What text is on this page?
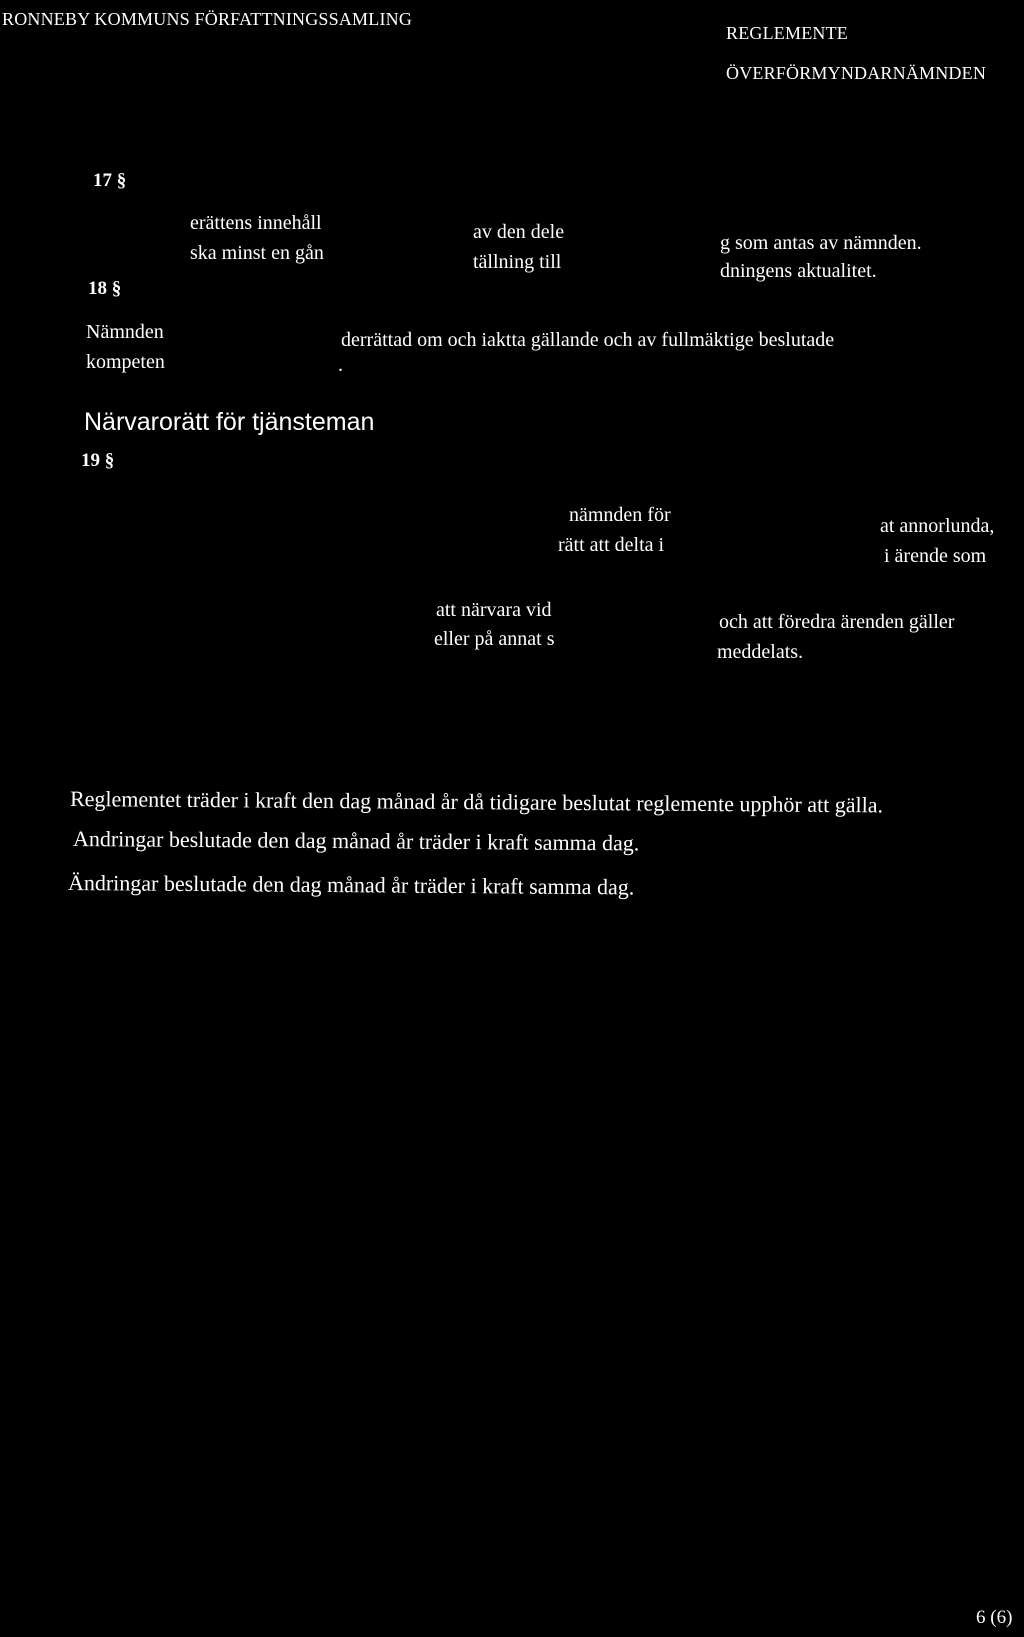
RONNEBY KOMMUNS FÖRFATTNINGSSAMLING
REGLEMENTE
ÖVERFÖRMYNDARNÄMNDEN
17 §
erättens innehåll
ska minst en gån
av den dele
tällning till
g som antas av nämnden.
dningens aktualitet.
18 §
Nämnden
kompeten
derrättad om och iaktta gällande och av fullmäktige beslutade
.
Närvarorätt för tjänsteman
19 §
nämnden för
rätt att delta i
at annorlunda,
i ärende som
att närvara vid
eller på annat s
och att föredra ärenden gäller
meddelats.
Reglementet träder i kraft den dag månad år då tidigare beslutat reglemente upphör att gälla.
Andringar beslutade den dag månad år träder i kraft samma dag.
Ändringar beslutade den dag månad år träder i kraft samma dag.
6 (6)
